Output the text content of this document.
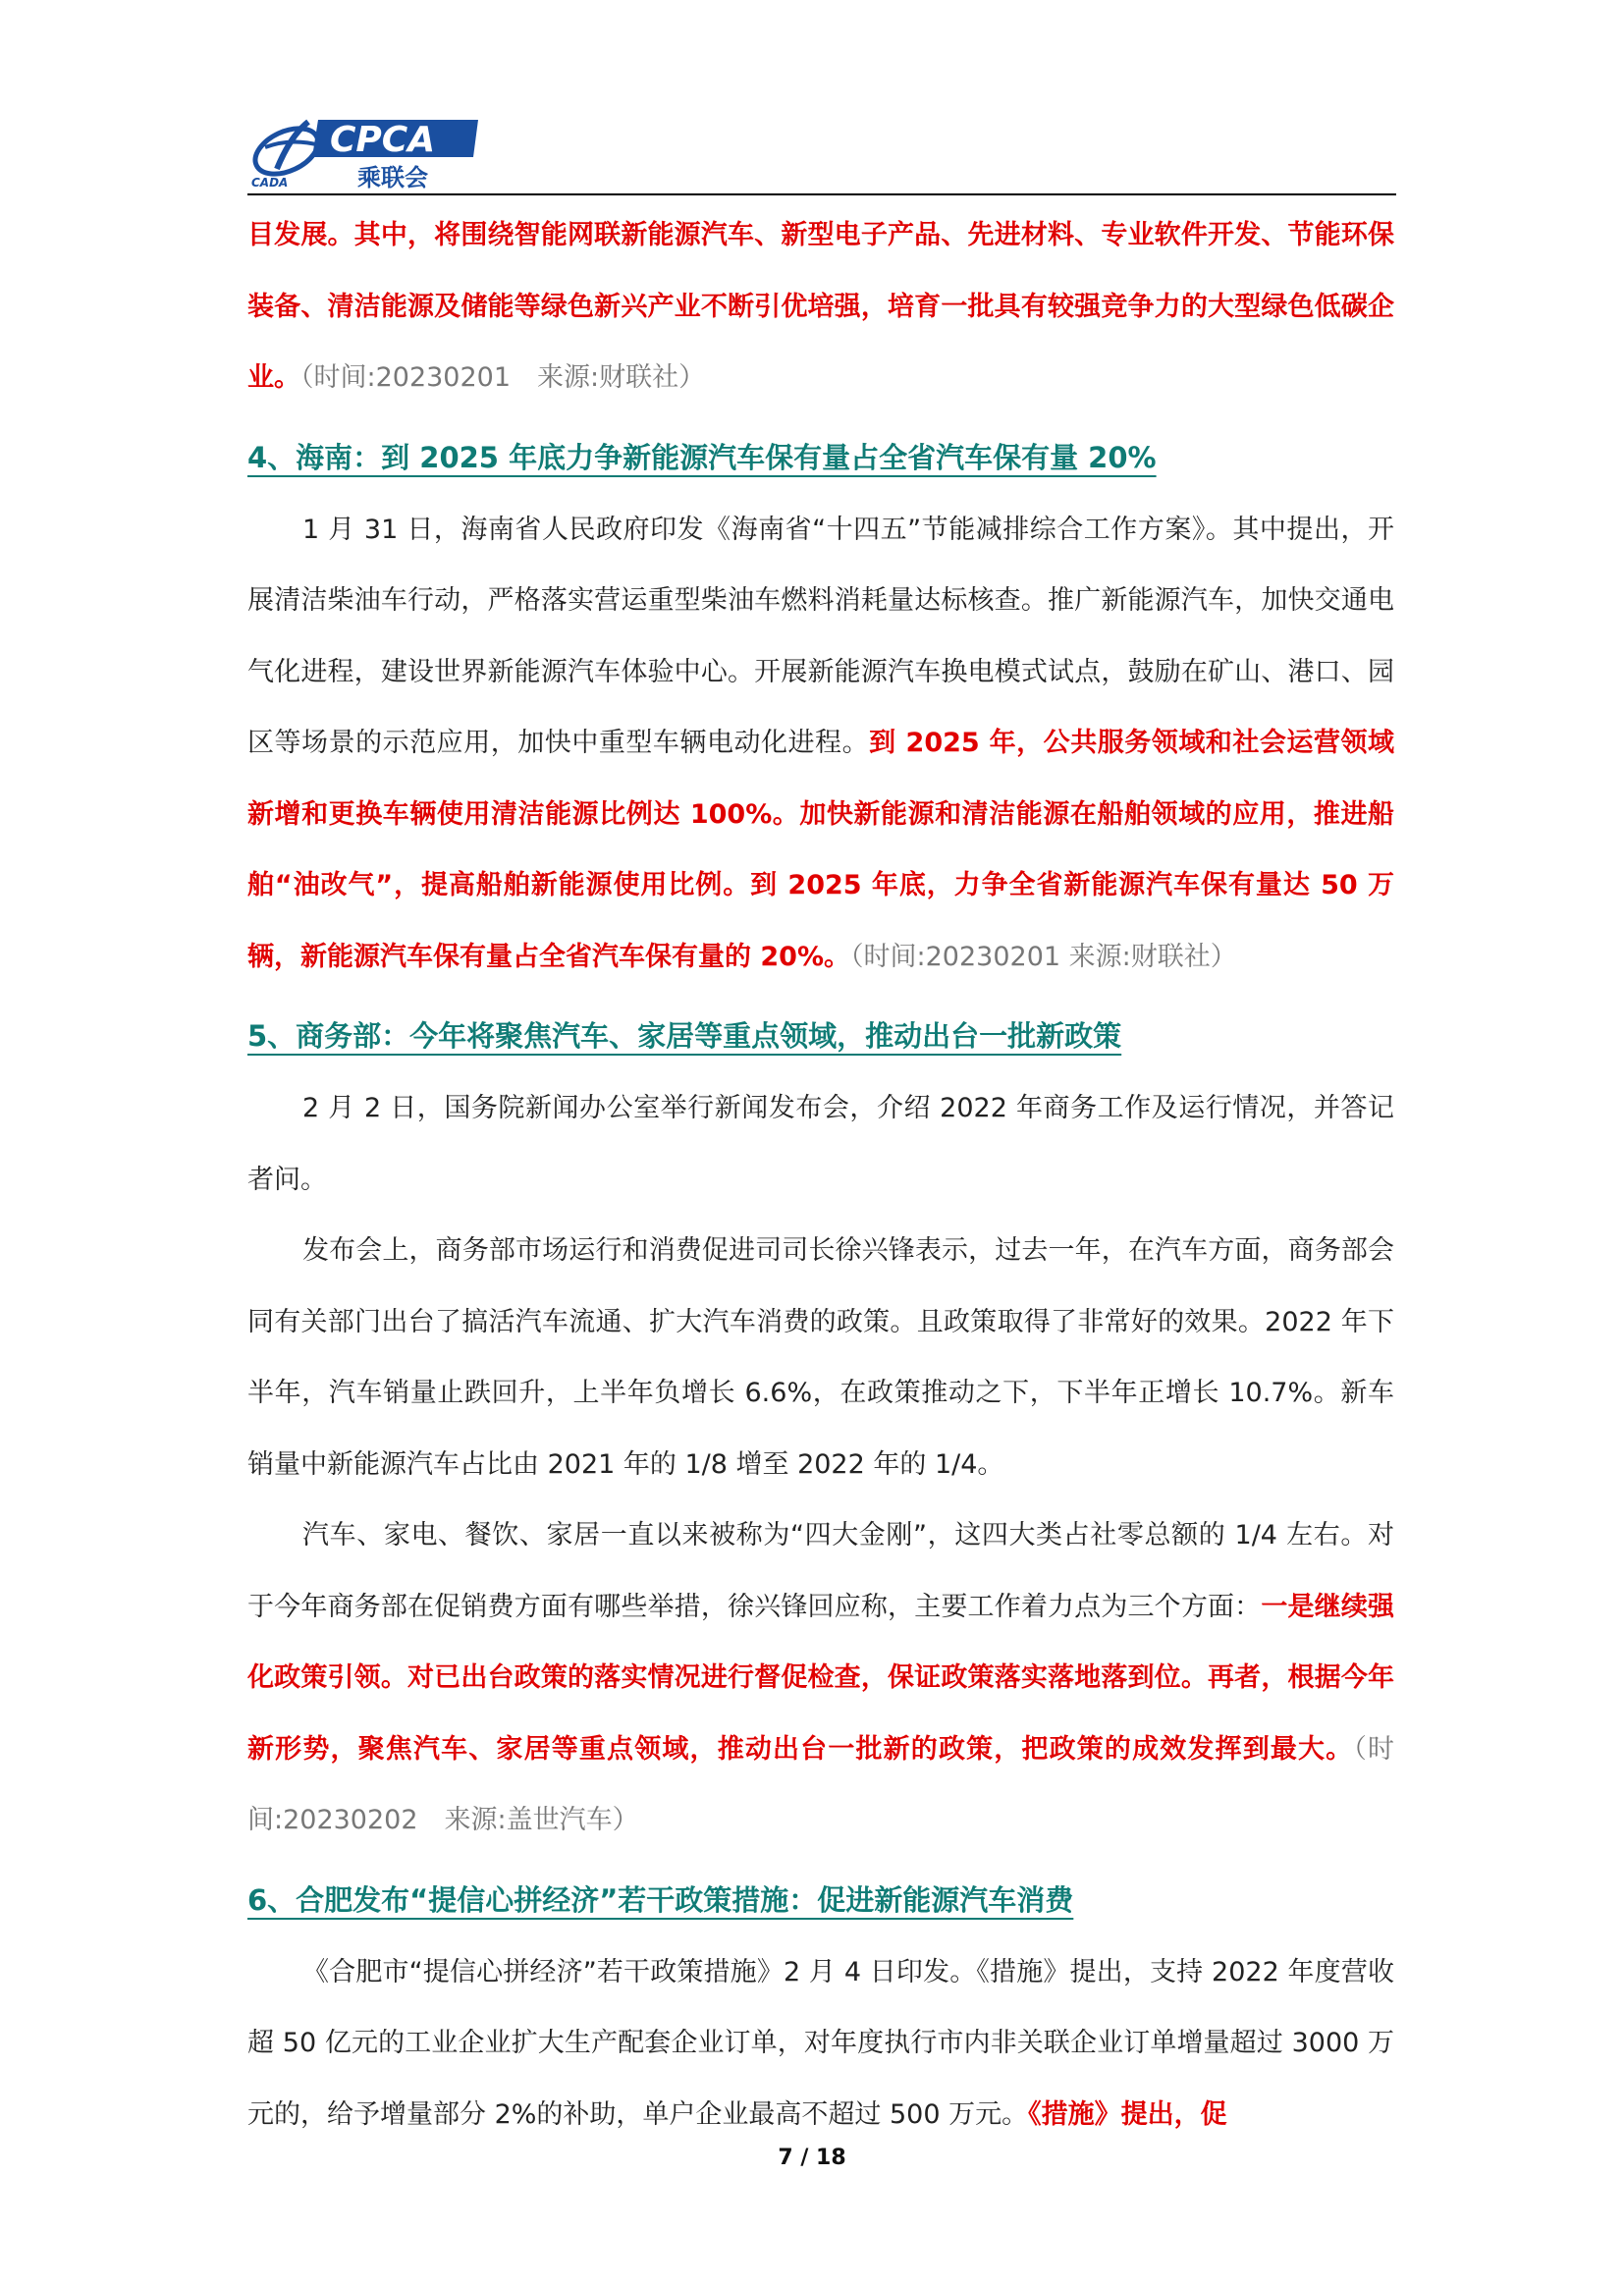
CPCA
CADA	乘联会

目发展。其中，将围绕智能网联新能源汽车、新型电子产品、先进材料、专业软件开发、节能环保装备、清洁能源及储能等绿色新兴产业不断引优培强，培育一批具有较强竞争力的大型绿色低碳企业。（时间:20230201　来源:财联社）

4、海南：到 2025 年底力争新能源汽车保有量占全省汽车保有量 20%

1 月 31 日，海南省人民政府印发《海南省“十四五”节能减排综合工作方案》。其中提出，开展清洁柴油车行动，严格落实营运重型柴油车燃料消耗量达标核查。推广新能源汽车，加快交通电气化进程，建设世界新能源汽车体验中心。开展新能源汽车换电模式试点，鼓励在矿山、港口、园区等场景的示范应用，加快中重型车辆电动化进程。到 2025 年，公共服务领域和社会运营领域新增和更换车辆使用清洁能源比例达 100%。加快新能源和清洁能源在船舶领域的应用，推进船舶“油改气”，提高船舶新能源使用比例。到 2025 年底，力争全省新能源汽车保有量达 50 万辆，新能源汽车保有量占全省汽车保有量的 20%。（时间:20230201 来源:财联社）

5、商务部：今年将聚焦汽车、家居等重点领域，推动出台一批新政策

2 月 2 日，国务院新闻办公室举行新闻发布会，介绍 2022 年商务工作及运行情况，并答记者问。

发布会上，商务部市场运行和消费促进司司长徐兴锋表示，过去一年，在汽车方面，商务部会同有关部门出台了搞活汽车流通、扩大汽车消费的政策。且政策取得了非常好的效果。2022 年下半年，汽车销量止跌回升，上半年负增长 6.6%，在政策推动之下，下半年正增长 10.7%。新车销量中新能源汽车占比由 2021 年的 1/8 增至 2022 年的 1/4。

汽车、家电、餐饮、家居一直以来被称为“四大金刚”，这四大类占社零总额的 1/4 左右。对于今年商务部在促销费方面有哪些举措，徐兴锋回应称，主要工作着力点为三个方面：一是继续强化政策引领。对已出台政策的落实情况进行督促检查，保证政策落实落地落到位。再者，根据今年新形势，聚焦汽车、家居等重点领域，推动出台一批新的政策，把政策的成效发挥到最大。（时间:20230202　来源:盖世汽车）

6、合肥发布“提信心拼经济”若干政策措施：促进新能源汽车消费

《合肥市“提信心拼经济”若干政策措施》2 月 4 日印发。《措施》提出，支持 2022 年度营收超 50 亿元的工业企业扩大生产配套企业订单，对年度执行市内非关联企业订单增量超过 3000 万元的，给予增量部分 2%的补助，单户企业最高不超过 500 万元。《措施》提出，促

7 / 18
